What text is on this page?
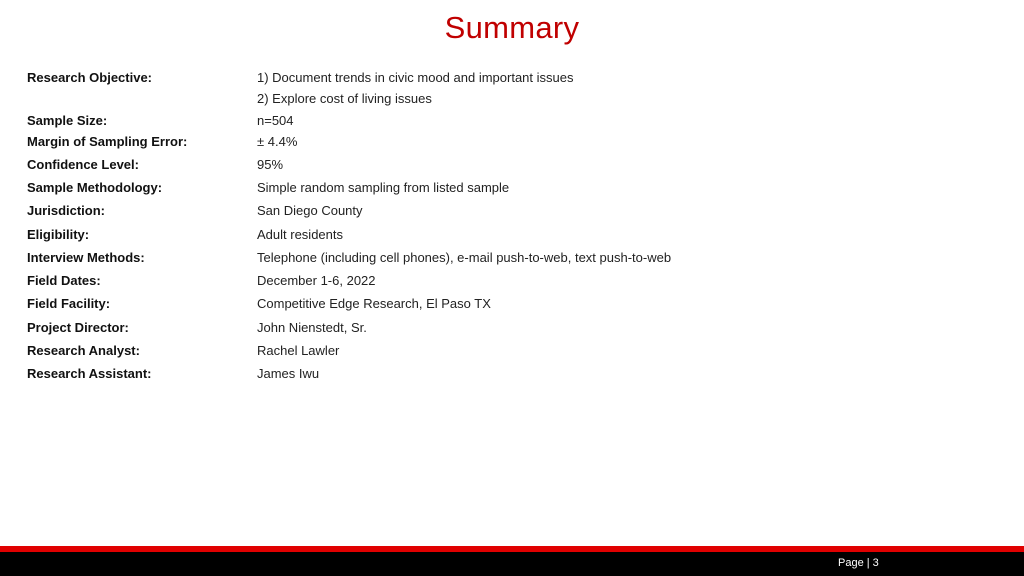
Summary
Research Objective:	1) Document trends in civic mood and important issues
2) Explore cost of living issues
Sample Size:	n=504
Margin of Sampling Error:	± 4.4%
Confidence Level:	95%
Sample Methodology:	Simple random sampling from listed sample
Jurisdiction:	San Diego County
Eligibility:	Adult residents
Interview Methods:	Telephone (including cell phones), e-mail push-to-web, text push-to-web
Field Dates:	December 1-6, 2022
Field Facility:	Competitive Edge Research, El Paso TX
Project Director:	John Nienstedt, Sr.
Research Analyst:	Rachel Lawler
Research Assistant:	James Iwu
Page | 3
